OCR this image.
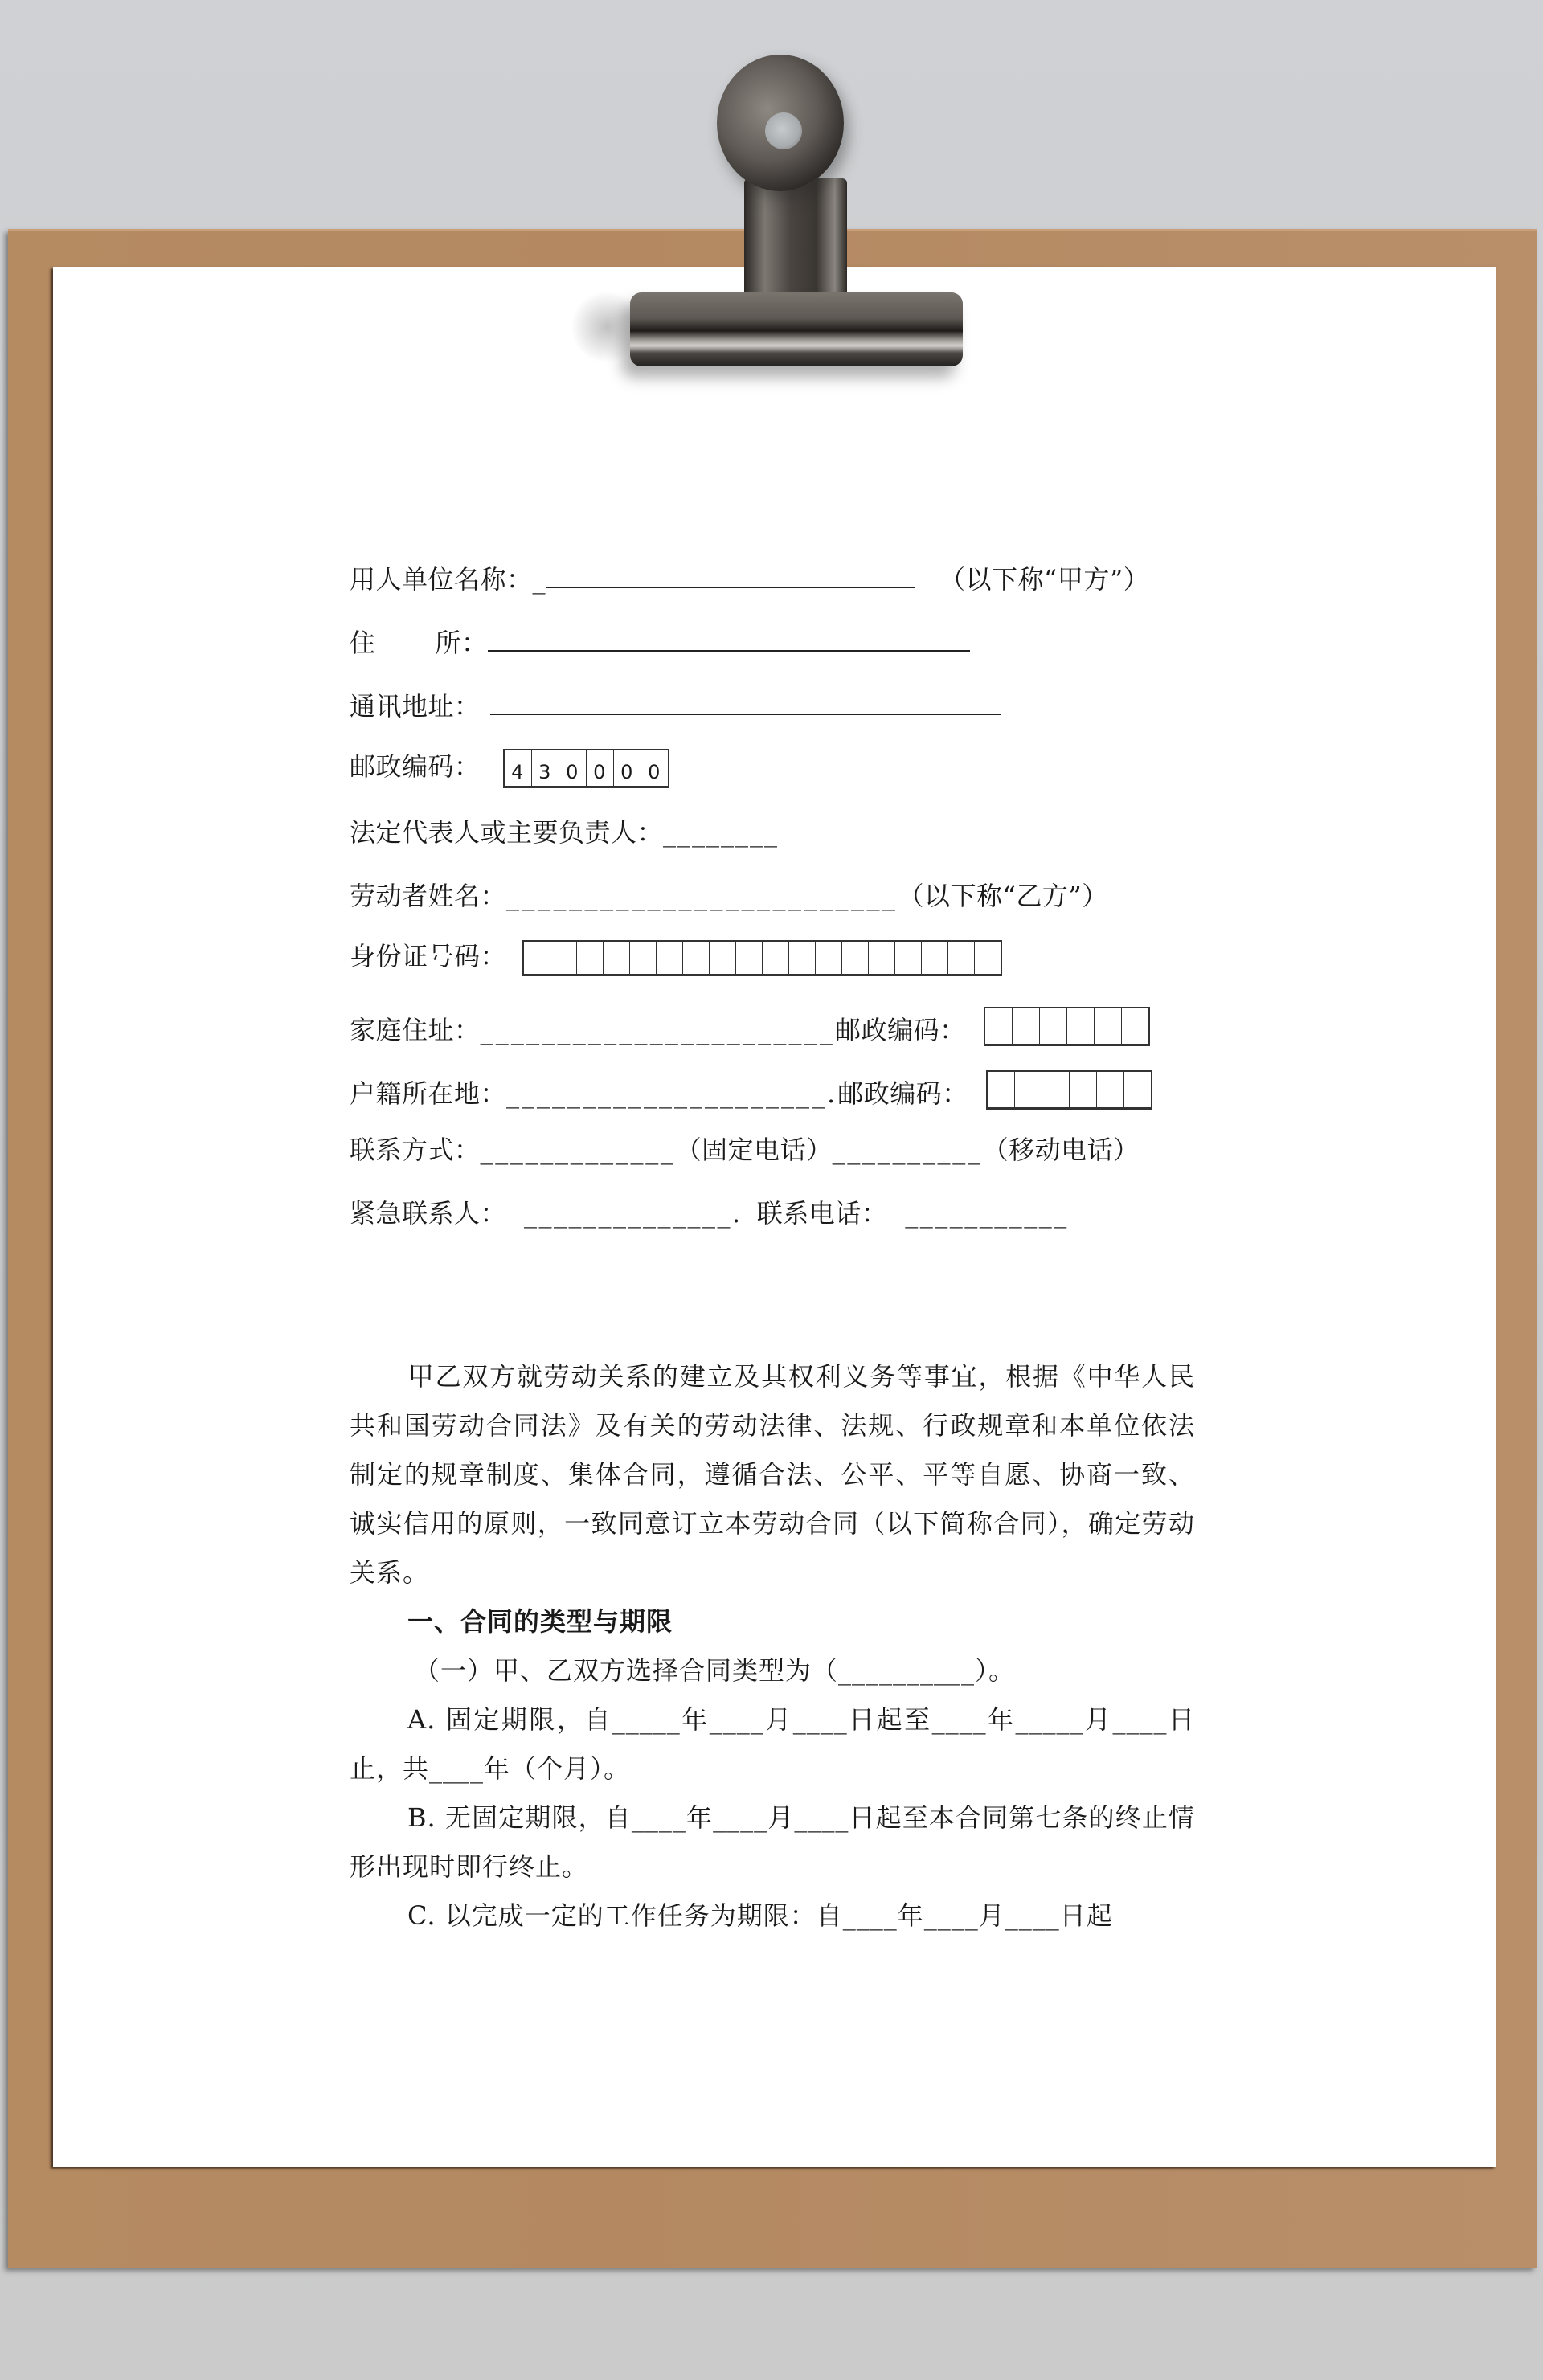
用人单位名称：_	（以下称“甲方”）
住 所：
通讯地址：
邮政编码：	4 3 0 0 0 0
法定代表人或主要负责人：________
劳动者姓名：_________________________（以下称“乙方”）
身份证号码：
家庭住址：_______________________邮政编码：
户籍所在地：_____________________.邮政编码：
联系方式：_____________（固定电话）__________（移动电话）
紧急联系人： ______________. 联系电话： ___________
甲乙双方就劳动关系的建立及其权利义务等事宜，根据《中华人民共和国劳动合同法》及有关的劳动法律、法规、行政规章和本单位依法制定的规章制度、集体合同，遵循合法、公平、平等自愿、协商一致、诚实信用的原则，一致同意订立本劳动合同（以下简称合同），确定劳动关系。
一、合同的类型与期限
（一）甲、乙双方选择合同类型为（__________）。
A. 固定期限，自_____年____月____日起至____年_____月____日止，共____年（个月）。
B. 无固定期限，自____年____月____日起至本合同第七条的终止情形出现时即行终止。
C. 以完成一定的工作任务为期限：自____年____月____日起
